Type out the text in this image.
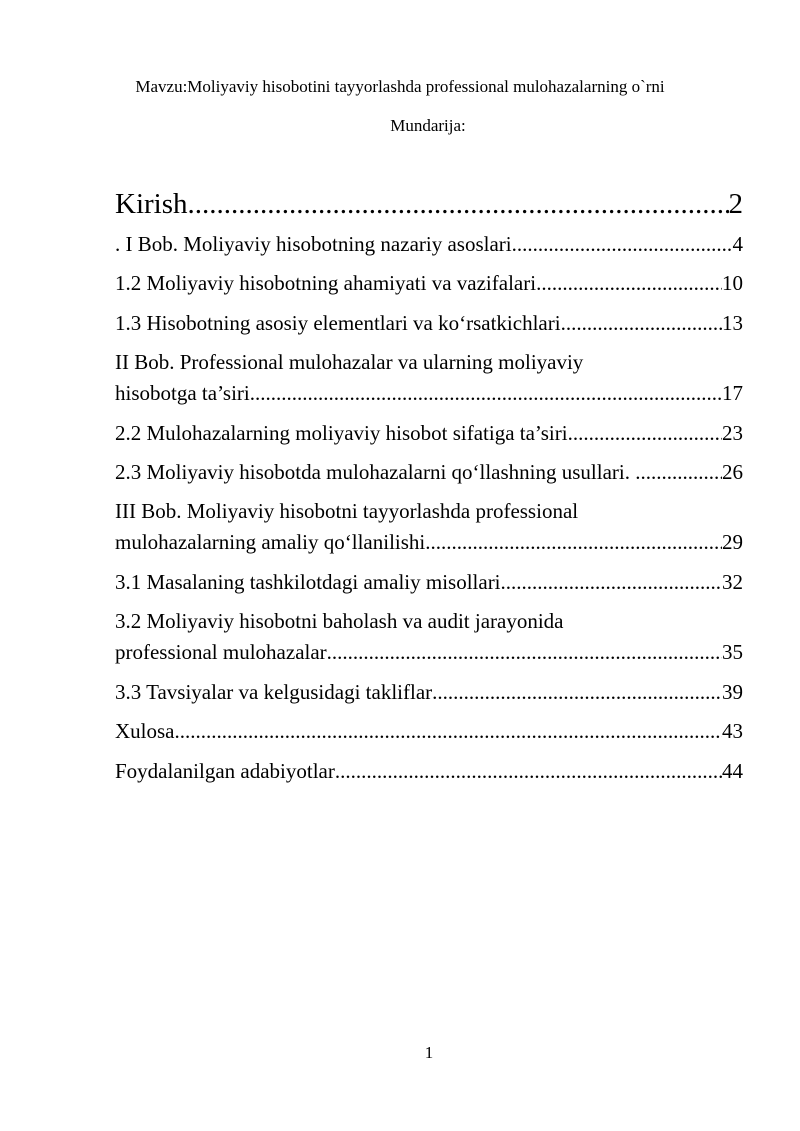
Mavzu:Moliyaviy hisobotini tayyorlashda professional mulohazalarning o`rni
Mundarija:
Kirish .....	2
. I Bob. Moliyaviy hisobotning nazariy asoslari .....	4
1.2 Moliyaviy hisobotning ahamiyati va vazifalari .....	10
1.3 Hisobotning asosiy elementlari va ko‘rsatkichlari .....	13
II Bob. Professional mulohazalar va ularning moliyaviy
hisobotga ta’siri .....	17
2.2 Mulohazalarning moliyaviy hisobot sifatiga ta’siri .....	23
2.3 Moliyaviy hisobotda mulohazalarni qo‘llashning usullari. .....	26
III Bob. Moliyaviy hisobotni tayyorlashda professional
mulohazalarning amaliy qo‘llanilishi .....	29
3.1 Masalaning tashkilotdagi amaliy misollari .....	32
3.2 Moliyaviy hisobotni baholash va audit jarayonida
professional mulohazalar .....	35
3.3 Tavsiyalar va kelgusidagi takliflar .....	39
Xulosa .....	43
Foydalanilgan adabiyotlar .....	44
1
